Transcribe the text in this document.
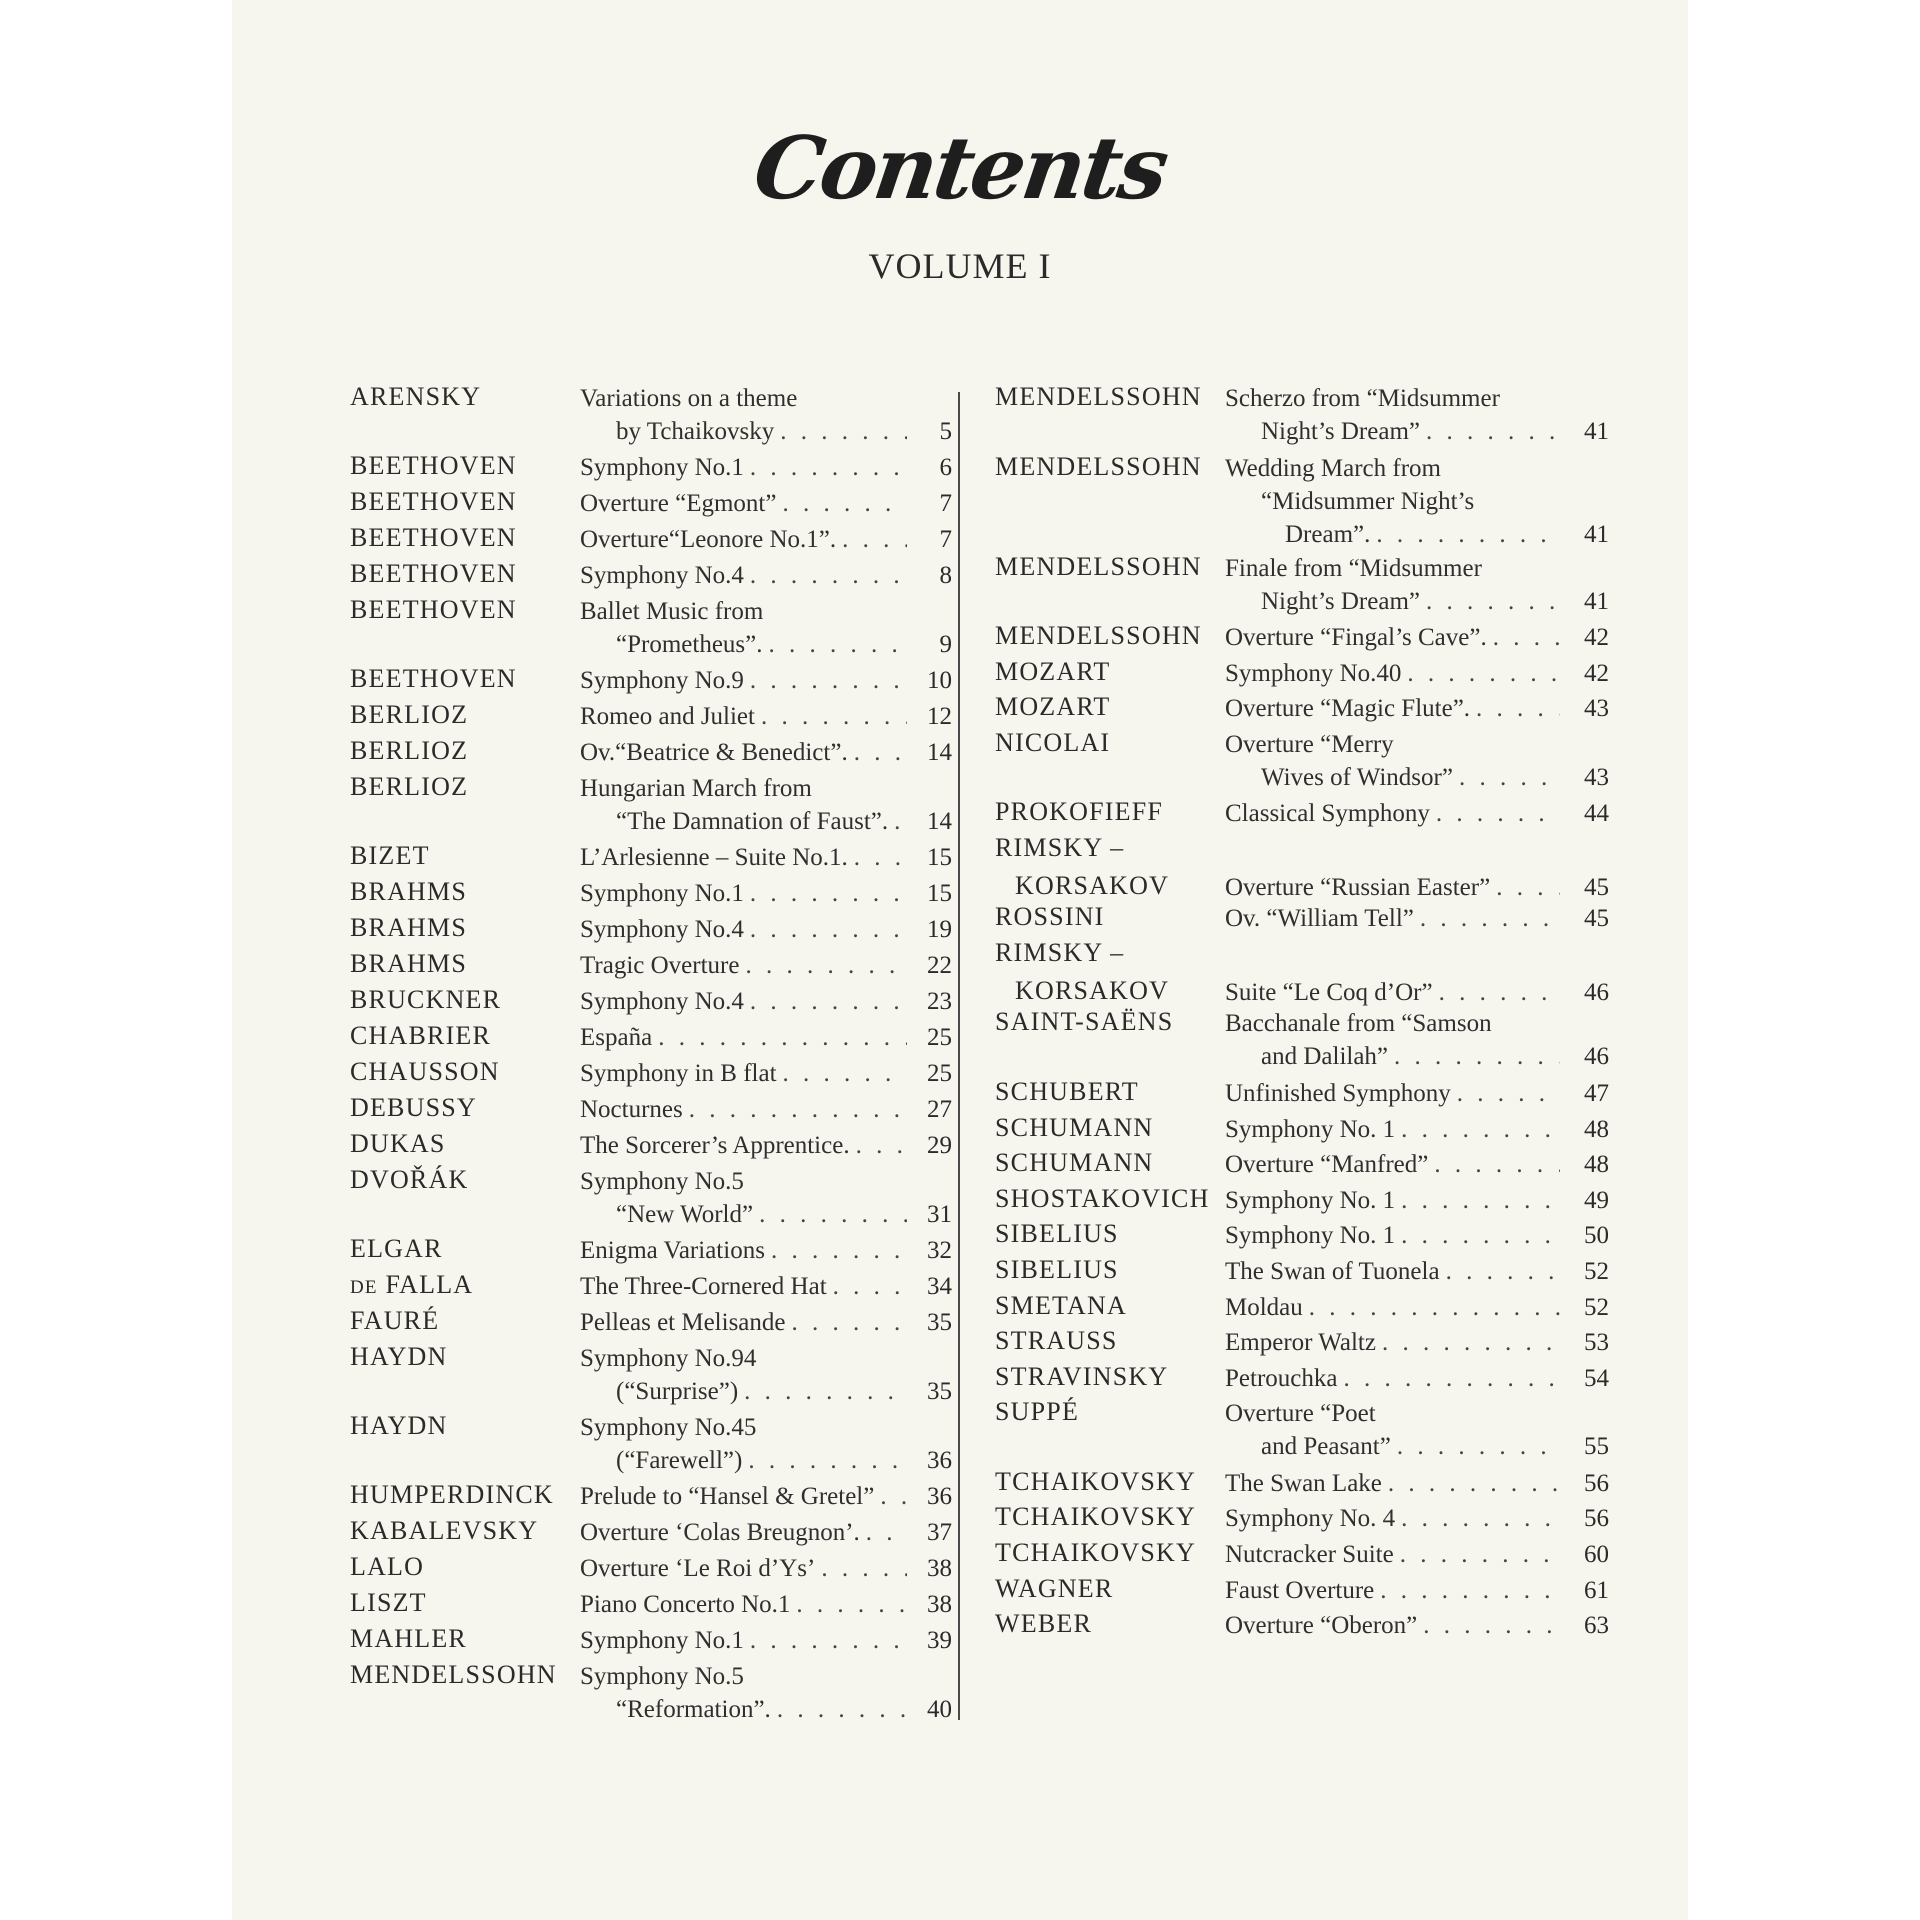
Contents
VOLUME I
ARENSKY	Variations on a theme
by Tchaikovsky . . .	5
BEETHOVEN	Symphony No.1 . . .	6
BEETHOVEN	Overture “Egmont” . . .	7
BEETHOVEN	Overture“Leonore No.1”. . . .	7
BEETHOVEN	Symphony No.4 . . .	8
BEETHOVEN	Ballet Music from
“Prometheus”. . . .	9
BEETHOVEN	Symphony No.9 . . .	10
BERLIOZ	Romeo and Juliet . . .	12
BERLIOZ	Ov.“Beatrice & Benedict”. . . .	14
BERLIOZ	Hungarian March from
“The Damnation of Faust”. . . .	14
BIZET	L’Arlesienne – Suite No.1. . . .	15
BRAHMS	Symphony No.1 . . .	15
BRAHMS	Symphony No.4 . . .	19
BRAHMS	Tragic Overture . . .	22
BRUCKNER	Symphony No.4 . . .	23
CHABRIER	España . . .	25
CHAUSSON	Symphony in B flat . . .	25
DEBUSSY	Nocturnes . . .	27
DUKAS	The Sorcerer’s Apprentice. . . .	29
DVOŘÁK	Symphony No.5
“New World” . . .	31
ELGAR	Enigma Variations . . .	32
DE FALLA	The Three-Cornered Hat . . .	34
FAURÉ	Pelleas et Melisande . . .	35
HAYDN	Symphony No.94
(“Surprise”) . . .	35
HAYDN	Symphony No.45
(“Farewell”) . . .	36
HUMPERDINCK Prelude to “Hansel & Gretel” . . .	36
KABALEVSKY Overture ‘Colas Breugnon’. . . .	37
LALO	Overture ‘Le Roi d’Ys’ . . .	38
LISZT	Piano Concerto No.1 . . .	38
MAHLER	Symphony No.1 . . .	39
MENDELSSOHN Symphony No.5
“Reformation”. . . .	40
MENDELSSOHN Scherzo from “Midsummer
Night’s Dream” . . .	41
MENDELSSOHN Wedding March from
“Midsummer Night’s
Dream”. . . .	41
MENDELSSOHN Finale from “Midsummer
Night’s Dream” . . .	41
MENDELSSOHN Overture “Fingal’s Cave”. . . .	42
MOZART	Symphony No.40 . . .	42
MOZART	Overture “Magic Flute”. . . .	43
NICOLAI	Overture “Merry
Wives of Windsor” . . .	43
PROKOFIEFF Classical Symphony . . .	44
RIMSKY –
KORSAKOV Overture “Russian Easter” . . .	45
ROSSINI	Ov. “William Tell” . . .	45
RIMSKY –
KORSAKOV Suite “Le Coq d’Or” . . .	46
SAINT-SAËNS Bacchanale from “Samson
and Dalilah” . . .	46
SCHUBERT	Unfinished Symphony . . .	47
SCHUMANN	Symphony No. 1 . . .	48
SCHUMANN	Overture “Manfred” . . .	48
SHOSTAKOVICH Symphony No. 1 . . .	49
SIBELIUS	Symphony No. 1 . . .	50
SIBELIUS	The Swan of Tuonela . . .	52
SMETANA	Moldau . . .	52
STRAUSS	Emperor Waltz . . .	53
STRAVINSKY Petrouchka . . .	54
SUPPÉ	Overture “Poet
and Peasant” . . .	55
TCHAIKOVSKY The Swan Lake . . .	56
TCHAIKOVSKY Symphony No. 4 . . .	56
TCHAIKOVSKY Nutcracker Suite . . .	60
WAGNER	Faust Overture . . .	61
WEBER	Overture “Oberon” . . .	63
